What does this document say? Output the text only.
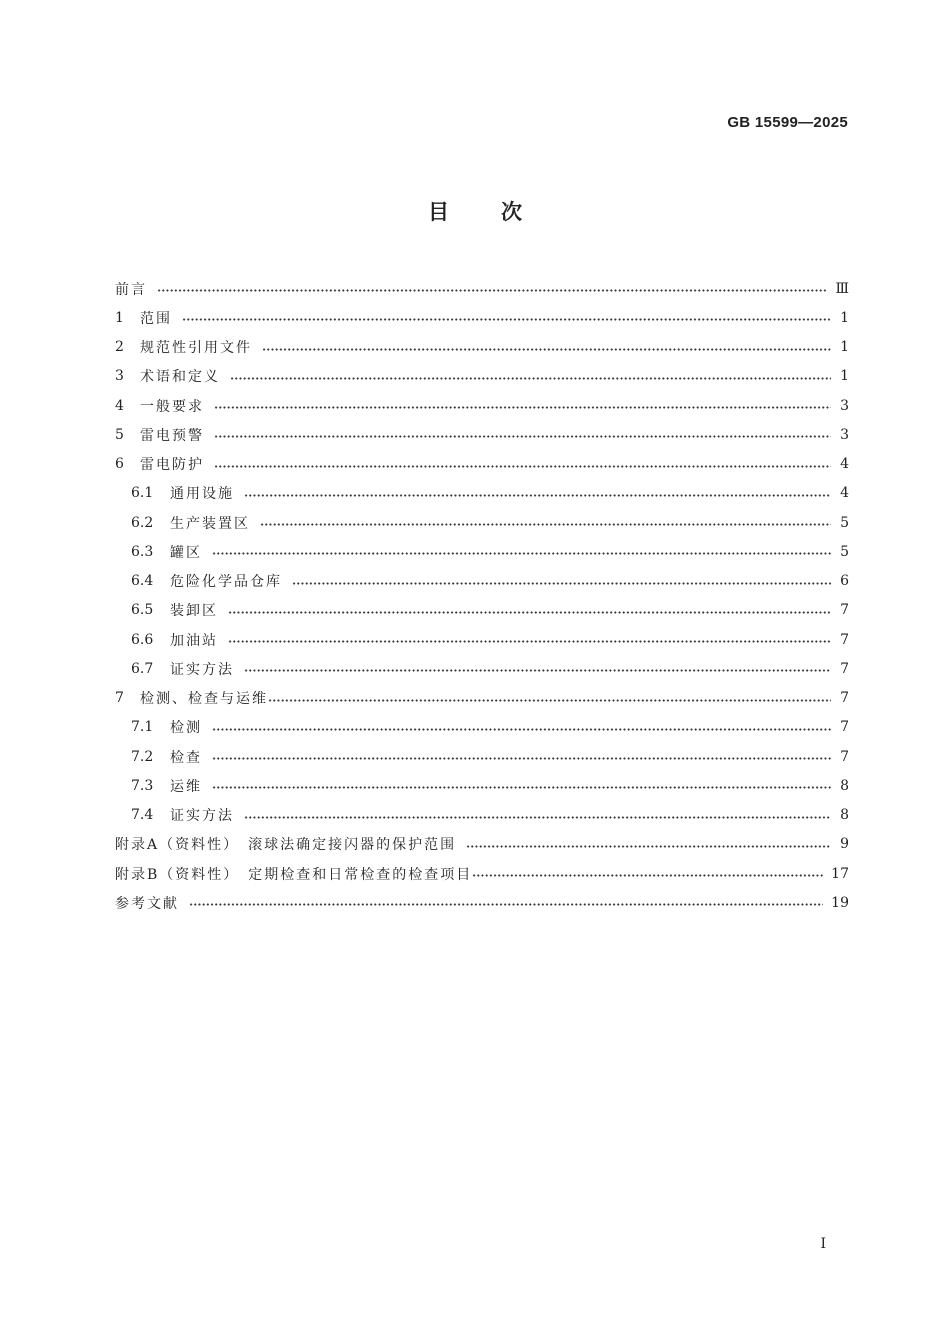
GB 15599—2025
目次
前言	Ⅲ
1	范围	1
2	规范性引用文件	1
3	术语和定义	1
4	一般要求	3
5	雷电预警	3
6	雷电防护	4
6.1	通用设施	4
6.2	生产装置区	5
6.3	罐区	5
6.4	危险化学品仓库	6
6.5	装卸区	7
6.6	加油站	7
6.7	证实方法	7
7	检测、检查与运维	7
7.1	检测	7
7.2	检查	7
7.3	运维	8
7.4	证实方法	8
附录A（资料性）　滚球法确定接闪器的保护范围	9
附录B（资料性）　定期检查和日常检查的检查项目	17
参考文献	19
I
